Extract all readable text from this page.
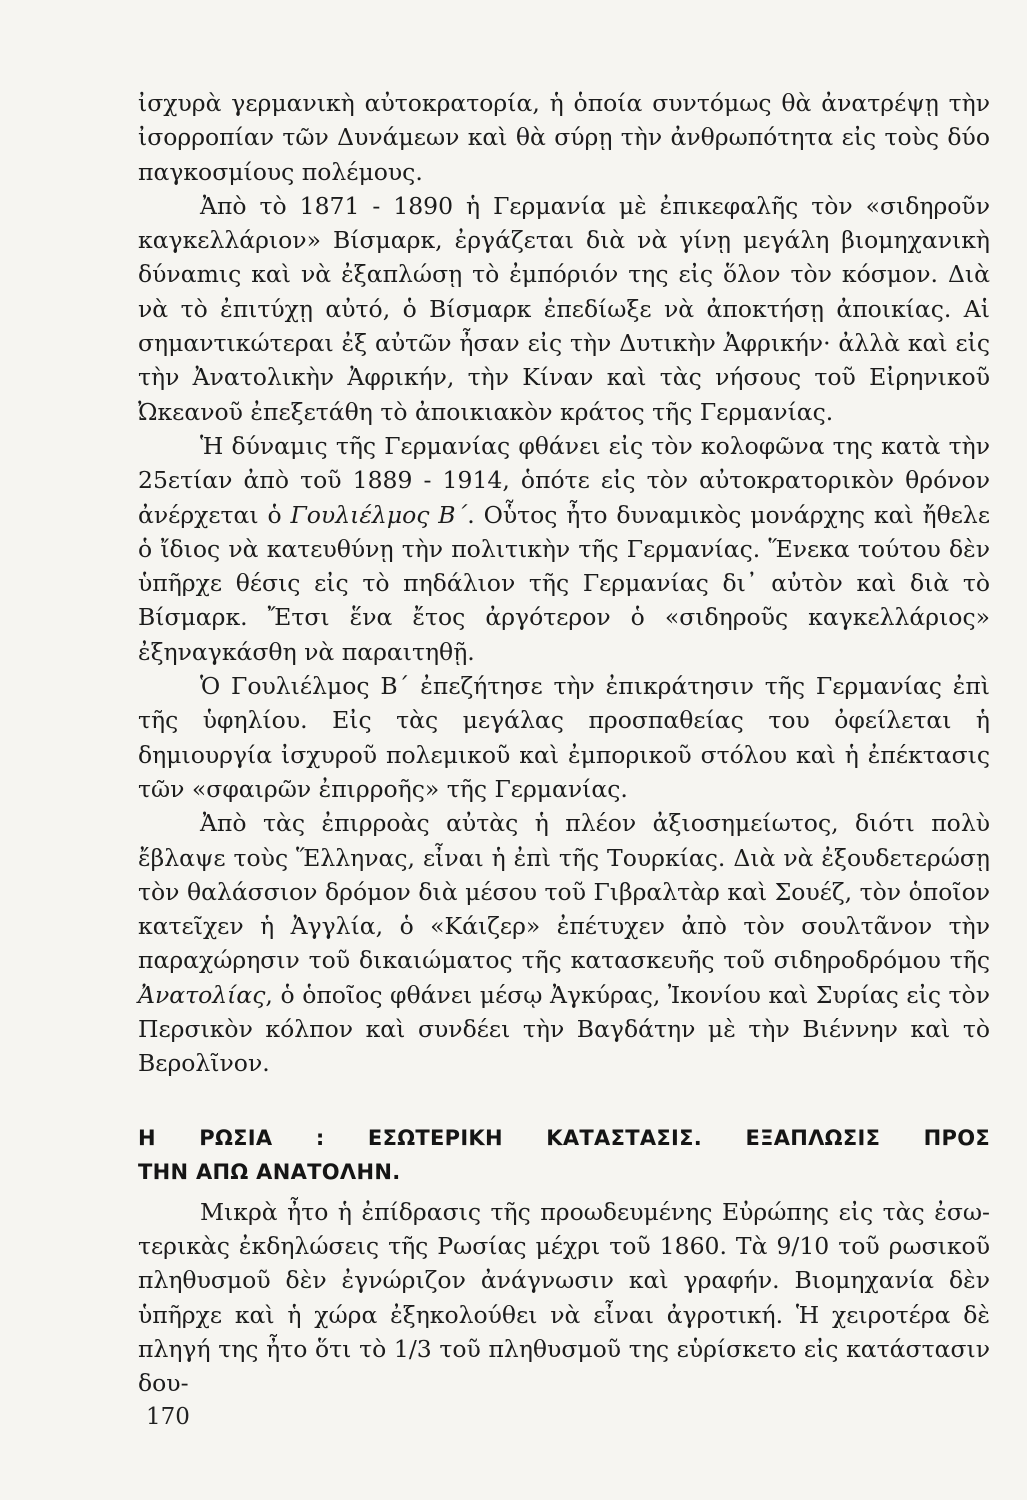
ἰσχυρὰ γερμανικὴ αὐτοκρατορία, ἡ ὁποία συντόμως θὰ ἀνατρέψῃ τὴν ἰσορροπίαν τῶν Δυνάμεων καὶ θὰ σύρῃ τὴν ἀνθρωπότητα εἰς τοὺς δύο παγκοσμίους πολέμους.

Ἀπὸ τὸ 1871 - 1890 ἡ Γερμανία μὲ ἐπικεφαλῆς τὸν «σιδηροῦν καγκελλάριον» Βίσμαρκ, ἐργάζεται διὰ νὰ γίνῃ μεγάλη βιομηχανικὴ δύναmις καὶ νὰ ἐξαπλώσῃ τὸ ἐμπόριόν της εἰς ὅλον τὸν κόσμον. Διὰ νὰ τὸ ἐπιτύχῃ αὐτό, ὁ Βίσμαρκ ἐπεδίωξε νὰ ἀποκτήσῃ ἀποικίας. Αἱ σημαντικώτεραι ἐξ αὐτῶν ἦσαν εἰς τὴν Δυτικὴν Ἀφρικήν· ἀλλὰ καὶ εἰς τὴν Ἀνατολικὴν Ἀφρικήν, τὴν Κίναν καὶ τὰς νήσους τοῦ Εἰρηνικοῦ Ὠκεανοῦ ἐπεξετάθη τὸ ἀποικιακὸν κράτος τῆς Γερμανίας.

Ἡ δύναμις τῆς Γερμανίας φθάνει εἰς τὸν κολοφῶνα της κατὰ τὴν 25ετίαν ἀπὸ τοῦ 1889 - 1914, ὁπότε εἰς τὸν αὐτοκρατορικὸν θρόνον ἀνέρχεται ὁ Γουλιέλμος Β΄. Οὗτος ἦτο δυναμικὸς μονάρχης καὶ ἤθελε ὁ ἴδιος νὰ κατευθύνῃ τὴν πολιτικὴν τῆς Γερμανίας. Ἕνεκα τούτου δὲν ὑπῆρχε θέσις εἰς τὸ πηδάλιον τῆς Γερμανίας δι᾽ αὐτὸν καὶ διὰ τὸ Βίσμαρκ. Ἔτσι ἕνα ἔτος ἀργότερον ὁ «σιδηροῦς καγκελλάριος» ἐξηναγκάσθη νὰ παραιτηθῇ.

Ὁ Γουλιέλμος Β΄ ἐπεζήτησε τὴν ἐπικράτησιν τῆς Γερμανίας ἐπὶ τῆς ὑφηλίου. Εἰς τὰς μεγάλας προσπαθείας του ὀφείλεται ἡ δημιουργία ἰσχυροῦ πολεμικοῦ καὶ ἐμπορικοῦ στόλου καὶ ἡ ἐπέκτασις τῶν «σφαιρῶν ἐπιρροῆς» τῆς Γερμανίας.

Ἀπὸ τὰς ἐπιρροὰς αὐτὰς ἡ πλέον ἀξιοσημείωτος, διότι πολὺ ἔβλαψε τοὺς Ἕλληνας, εἶναι ἡ ἐπὶ τῆς Τουρκίας. Διὰ νὰ ἐξουδετερώσῃ τὸν θαλάσσιον δρόμον διὰ μέσου τοῦ Γιβραλτὰρ καὶ Σουέζ, τὸν ὁποῖον κατεῖχεν ἡ Ἀγγλία, ὁ «Κάιζερ» ἐπέτυχεν ἀπὸ τὸν σουλτᾶνον τὴν παραχώρησιν τοῦ δικαιώματος τῆς κατασκευῆς τοῦ σιδηροδρόμου τῆς Ἀνατολίας, ὁ ὁποῖος φθάνει μέσῳ Ἀγκύρας, Ἰκονίου καὶ Συρίας εἰς τὸν Περσικὸν κόλπον καὶ συνδέει τὴν Βαγδάτην μὲ τὴν Βιέννην καὶ τὸ Βερολῖνον.

Η ΡΩΣΙΑ : ΕΣΩΤΕΡΙΚΗ ΚΑΤΑΣΤΑΣΙΣ. ΕΞΑΠΛΩΣΙΣ ΠΡΟΣ
ΤΗΝ ΑΠΩ ΑΝΑΤΟΛΗΝ.

Μικρὰ ἦτο ἡ ἐπίδρασις τῆς προωδευμένης Εὐρώπης εἰς τὰς ἐσωτερικὰς ἐκδηλώσεις τῆς Ρωσίας μέχρι τοῦ 1860. Τὰ 9/10 τοῦ ρωσικοῦ πληθυσμοῦ δὲν ἐγνώριζον ἀνάγνωσιν καὶ γραφήν. Βιομηχανία δὲν ὑπῆρχε καὶ ἡ χώρα ἐξηκολούθει νὰ εἶναι ἀγροτική. Ἡ χειροτέρα δὲ πληγή της ἦτο ὅτι τὸ 1/3 τοῦ πληθυσμοῦ της εὑρίσκετο εἰς κατάστασιν δου-

170
